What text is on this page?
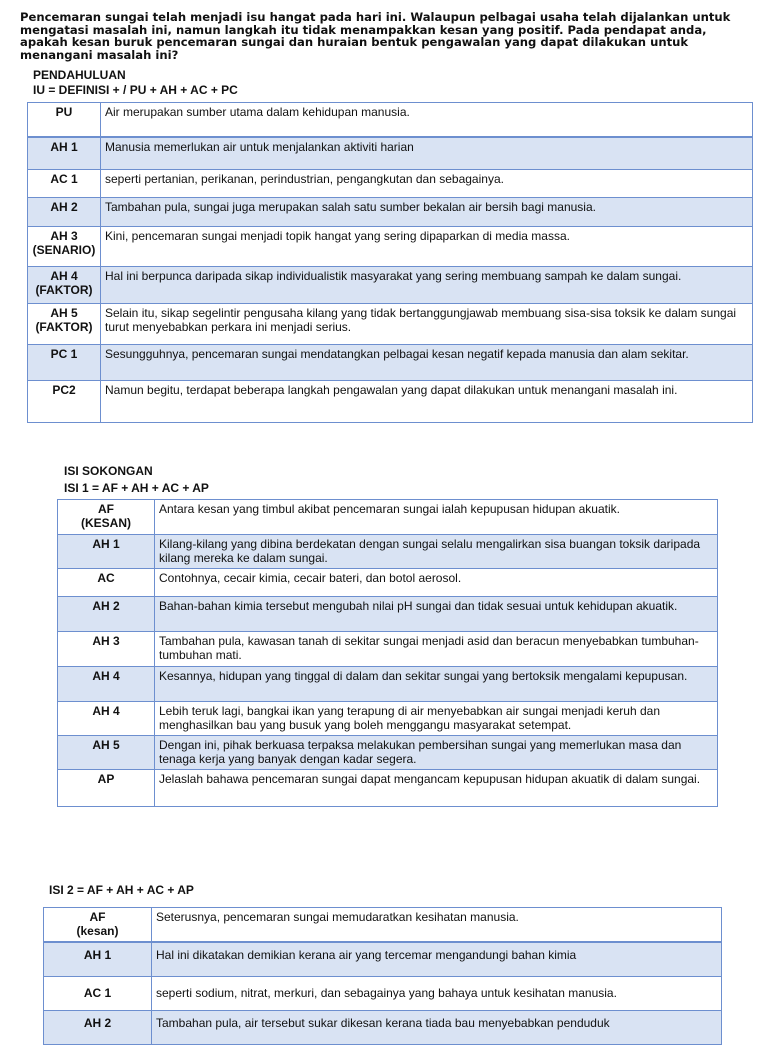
Pencemaran sungai telah menjadi isu hangat pada hari ini. Walaupun pelbagai usaha telah dijalankan untuk mengatasi masalah ini, namun langkah itu tidak menampakkan kesan yang positif. Pada pendapat anda, apakah kesan buruk pencemaran sungai dan huraian bentuk pengawalan yang dapat dilakukan untuk menangani masalah ini?
PENDAHULUAN
IU = DEFINISI + / PU + AH + AC + PC
PU	Air merupakan sumber utama dalam kehidupan manusia.
AH 1	Manusia memerlukan air untuk menjalankan aktiviti harian
AC 1	seperti pertanian, perikanan, perindustrian, pengangkutan dan sebagainya.
AH 2	Tambahan pula, sungai juga merupakan salah satu sumber bekalan air bersih bagi manusia.
AH 3
(SENARIO)	Kini, pencemaran sungai menjadi topik hangat yang sering dipaparkan di media massa.
AH 4
(FAKTOR)	Hal ini berpunca daripada sikap individualistik masyarakat yang sering membuang sampah ke dalam sungai.
AH 5
(FAKTOR)	Selain itu, sikap segelintir pengusaha kilang yang tidak bertanggungjawab membuang sisa-sisa toksik ke dalam sungai turut menyebabkan perkara ini menjadi serius.
PC 1	Sesungguhnya, pencemaran sungai mendatangkan pelbagai kesan negatif kepada manusia dan alam sekitar.
PC2	Namun begitu, terdapat beberapa langkah pengawalan yang dapat dilakukan untuk menangani masalah ini.
ISI SOKONGAN
ISI 1 = AF + AH + AC + AP
AF
(KESAN)	Antara kesan yang timbul akibat pencemaran sungai ialah kepupusan hidupan akuatik.
AH 1	Kilang-kilang yang dibina berdekatan dengan sungai selalu mengalirkan sisa buangan toksik daripada kilang mereka ke dalam sungai.
AC	Contohnya, cecair kimia, cecair bateri, dan botol aerosol.
AH 2	Bahan-bahan kimia tersebut mengubah nilai pH sungai dan tidak sesuai untuk kehidupan akuatik.
AH 3	Tambahan pula, kawasan tanah di sekitar sungai menjadi asid dan beracun menyebabkan tumbuhan-tumbuhan mati.
AH 4	Kesannya, hidupan yang tinggal di dalam dan sekitar sungai yang bertoksik mengalami kepupusan.
AH 4	Lebih teruk lagi, bangkai ikan yang terapung di air menyebabkan air sungai menjadi keruh dan menghasilkan bau yang busuk yang boleh menggangu masyarakat setempat.
AH 5	Dengan ini, pihak berkuasa terpaksa melakukan pembersihan sungai yang memerlukan masa dan tenaga kerja yang banyak dengan kadar segera.
AP	Jelaslah bahawa pencemaran sungai dapat mengancam kepupusan hidupan akuatik di dalam sungai.
ISI 2 = AF + AH + AC + AP
AF
(kesan)	Seterusnya, pencemaran sungai memudaratkan kesihatan manusia.
AH 1	Hal ini dikatakan demikian kerana air yang tercemar mengandungi bahan kimia
AC 1	seperti sodium, nitrat, merkuri, dan sebagainya yang bahaya untuk kesihatan manusia.
AH 2	Tambahan pula, air tersebut sukar dikesan kerana tiada bau menyebabkan penduduk
